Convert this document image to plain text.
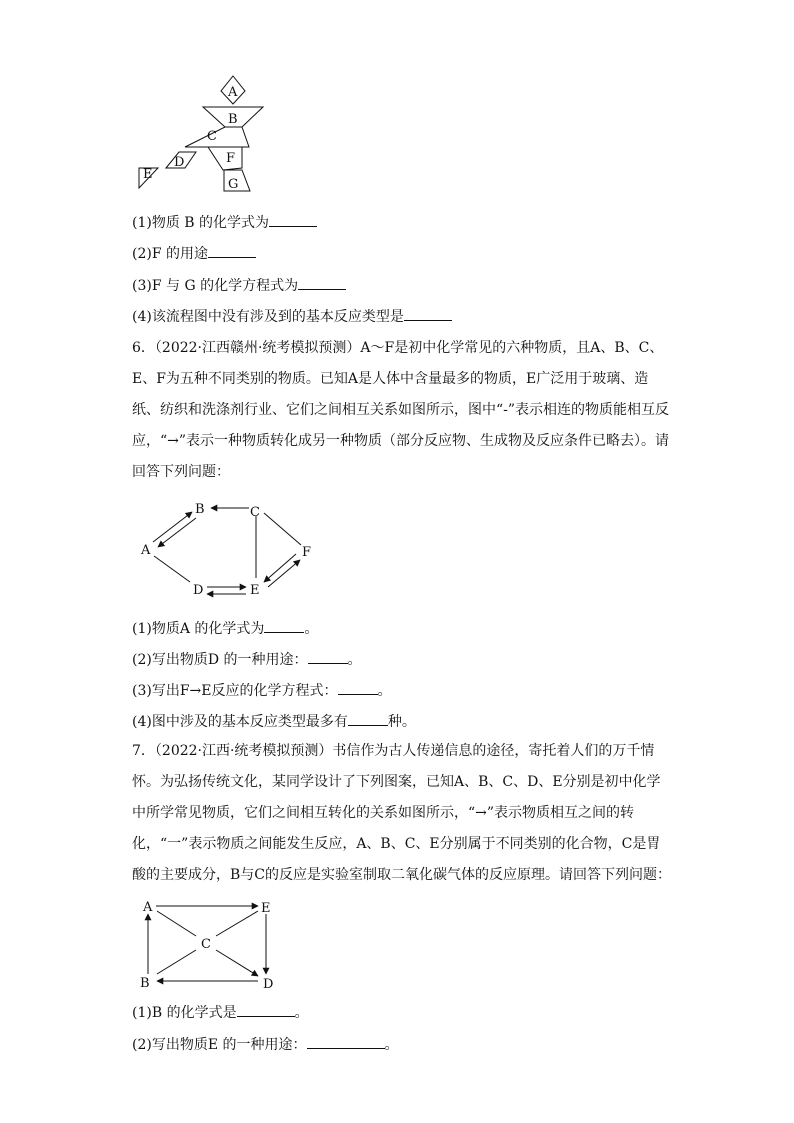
A
B
C
D
E
F
G
(1)物质 B 的化学式为
(2)F 的用途
(3)F 与 G 的化学方程式为
(4)该流程图中没有涉及到的基本反应类型是
6．（2022·江西赣州·统考模拟预测）A～F是初中化学常见的六种物质，且A、B、C、E、F为五种不同类别的物质。已知A是人体中含量最多的物质，E广泛用于玻璃、造纸、纺织和洗涤剂行业、它们之间相互关系如图所示，图中“-”表示相连的物质能相互反应，“→”表示一种物质转化成另一种物质（部分反应物、生成物及反应条件已略去）。请回答下列问题：
A
B	C
D	E
F
(1)物质A 的化学式为	。
(2)写出物质D 的一种用途：	。
(3)写出F→E反应的化学方程式：	。
(4)图中涉及的基本反应类型最多有	种。
7．（2022·江西·统考模拟预测）书信作为古人传递信息的途径，寄托着人们的万千情怀。为弘扬传统文化，某同学设计了下列图案，已知A、B、C、D、E分别是初中化学中所学常见物质，它们之间相互转化的关系如图所示，“→”表示物质相互之间的转化，“一”表示物质之间能发生反应，A、B、C、E分别属于不同类别的化合物，C是胃酸的主要成分，B与C的反应是实验室制取二氧化碳气体的反应原理。请回答下列问题：
A	E
C
B	D
(1)B 的化学式是	。
(2)写出物质E 的一种用途：	。
